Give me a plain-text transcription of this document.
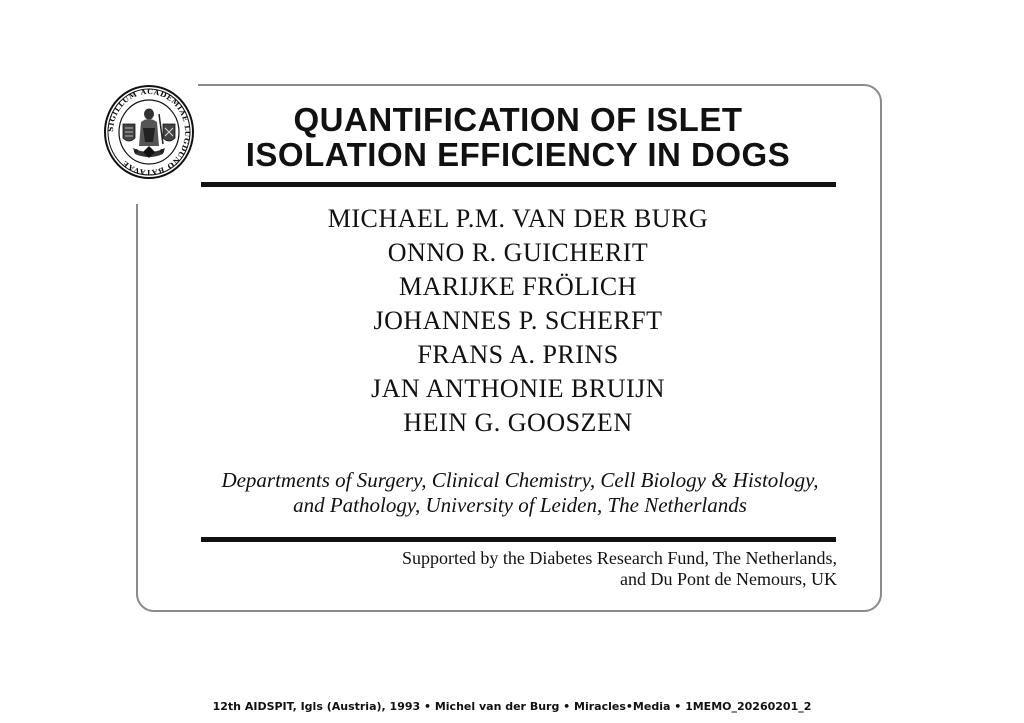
SIGILLUM ACADEMIAE LUGDUNO BATAVAE
QUANTIFICATION OF ISLET
ISOLATION EFFICIENCY IN DOGS
MICHAEL P.M. VAN DER BURG
ONNO R. GUICHERIT
MARIJKE FRÖLICH
JOHANNES P. SCHERFT
FRANS A. PRINS
JAN ANTHONIE BRUIJN
HEIN G. GOOSZEN
Departments of Surgery, Clinical Chemistry, Cell Biology & Histology,
and Pathology, University of Leiden, The Netherlands
Supported by the Diabetes Research Fund, The Netherlands,
and Du Pont de Nemours, UK
12th AIDSPIT, Igls (Austria), 1993 • Michel van der Burg • Miracles•Media • 1MEMO_20260201_2
